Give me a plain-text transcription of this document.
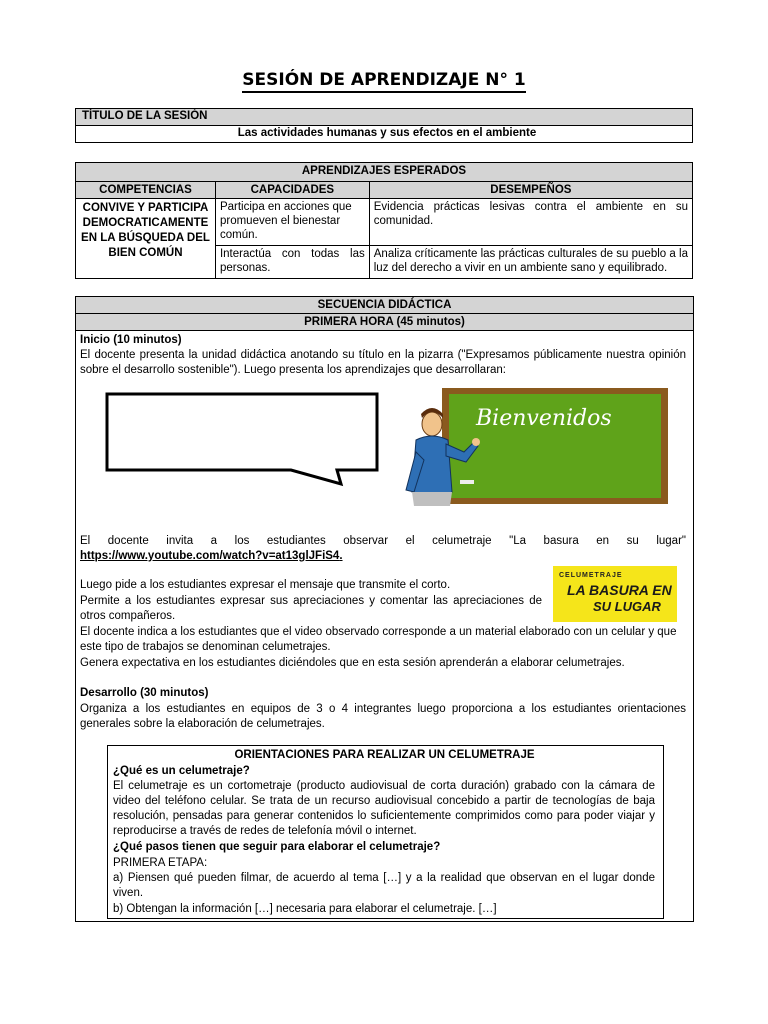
SESIÓN DE APRENDIZAJE N° 1
TÍTULO DE LA SESIÓN
Las actividades humanas y sus efectos en el ambiente
APRENDIZAJES ESPERADOS		
COMPETENCIAS	CAPACIDADES	DESEMPEÑOS
CONVIVE Y PARTICIPA DEMOCRATICAMENTE EN LA BÚSQUEDA DEL BIEN COMÚN	Participa en acciones que promueven el bienestar común.	Evidencia prácticas lesivas contra el ambiente en su comunidad.
	Interactúa con todas las personas.	Analiza críticamente las prácticas culturales de su pueblo a la luz del derecho a vivir en un ambiente sano y equilibrado.
SECUENCIA DIDÁCTICA
PRIMERA HORA (45 minutos)
Inicio (10 minutos)
El docente presenta la unidad didáctica anotando su título en la pizarra ("Expresamos públicamente nuestra opinión sobre el desarrollo sostenible"). Luego presenta los aprendizajes que desarrollaran:
Bienvenidos
El docente invita a los estudiantes observar el celumetraje "La basura en su lugar"
https://www.youtube.com/watch?v=at13glJFiS4.
CELUMETRAJE
LA BASURA EN
SU LUGAR
Luego pide a los estudiantes expresar el mensaje que transmite el corto.
Permite a los estudiantes expresar sus apreciaciones y comentar las apreciaciones de otros compañeros.
El docente indica a los estudiantes que el video observado corresponde a un material elaborado con un celular y que este tipo de trabajos se denominan celumetrajes.
Genera expectativa en los estudiantes diciéndoles que en esta sesión aprenderán a elaborar celumetrajes.
Desarrollo (30 minutos)
Organiza a los estudiantes en equipos de 3 o 4 integrantes luego proporciona a los estudiantes orientaciones generales sobre la elaboración de celumetrajes.
ORIENTACIONES PARA REALIZAR UN CELUMETRAJE
¿Qué es un celumetraje?
El celumetraje es un cortometraje (producto audiovisual de corta duración) grabado con la cámara de video del teléfono celular. Se trata de un recurso audiovisual concebido a partir de tecnologías de baja resolución, pensadas para generar contenidos lo suficientemente comprimidos como para poder viajar y reproducirse a través de redes de telefonía móvil o internet.
¿Qué pasos tienen que seguir para elaborar el celumetraje?
PRIMERA ETAPA:
a) Piensen qué pueden filmar, de acuerdo al tema […] y a la realidad que observan en el lugar donde viven.
b) Obtengan la información […] necesaria para elaborar el celumetraje. […]
